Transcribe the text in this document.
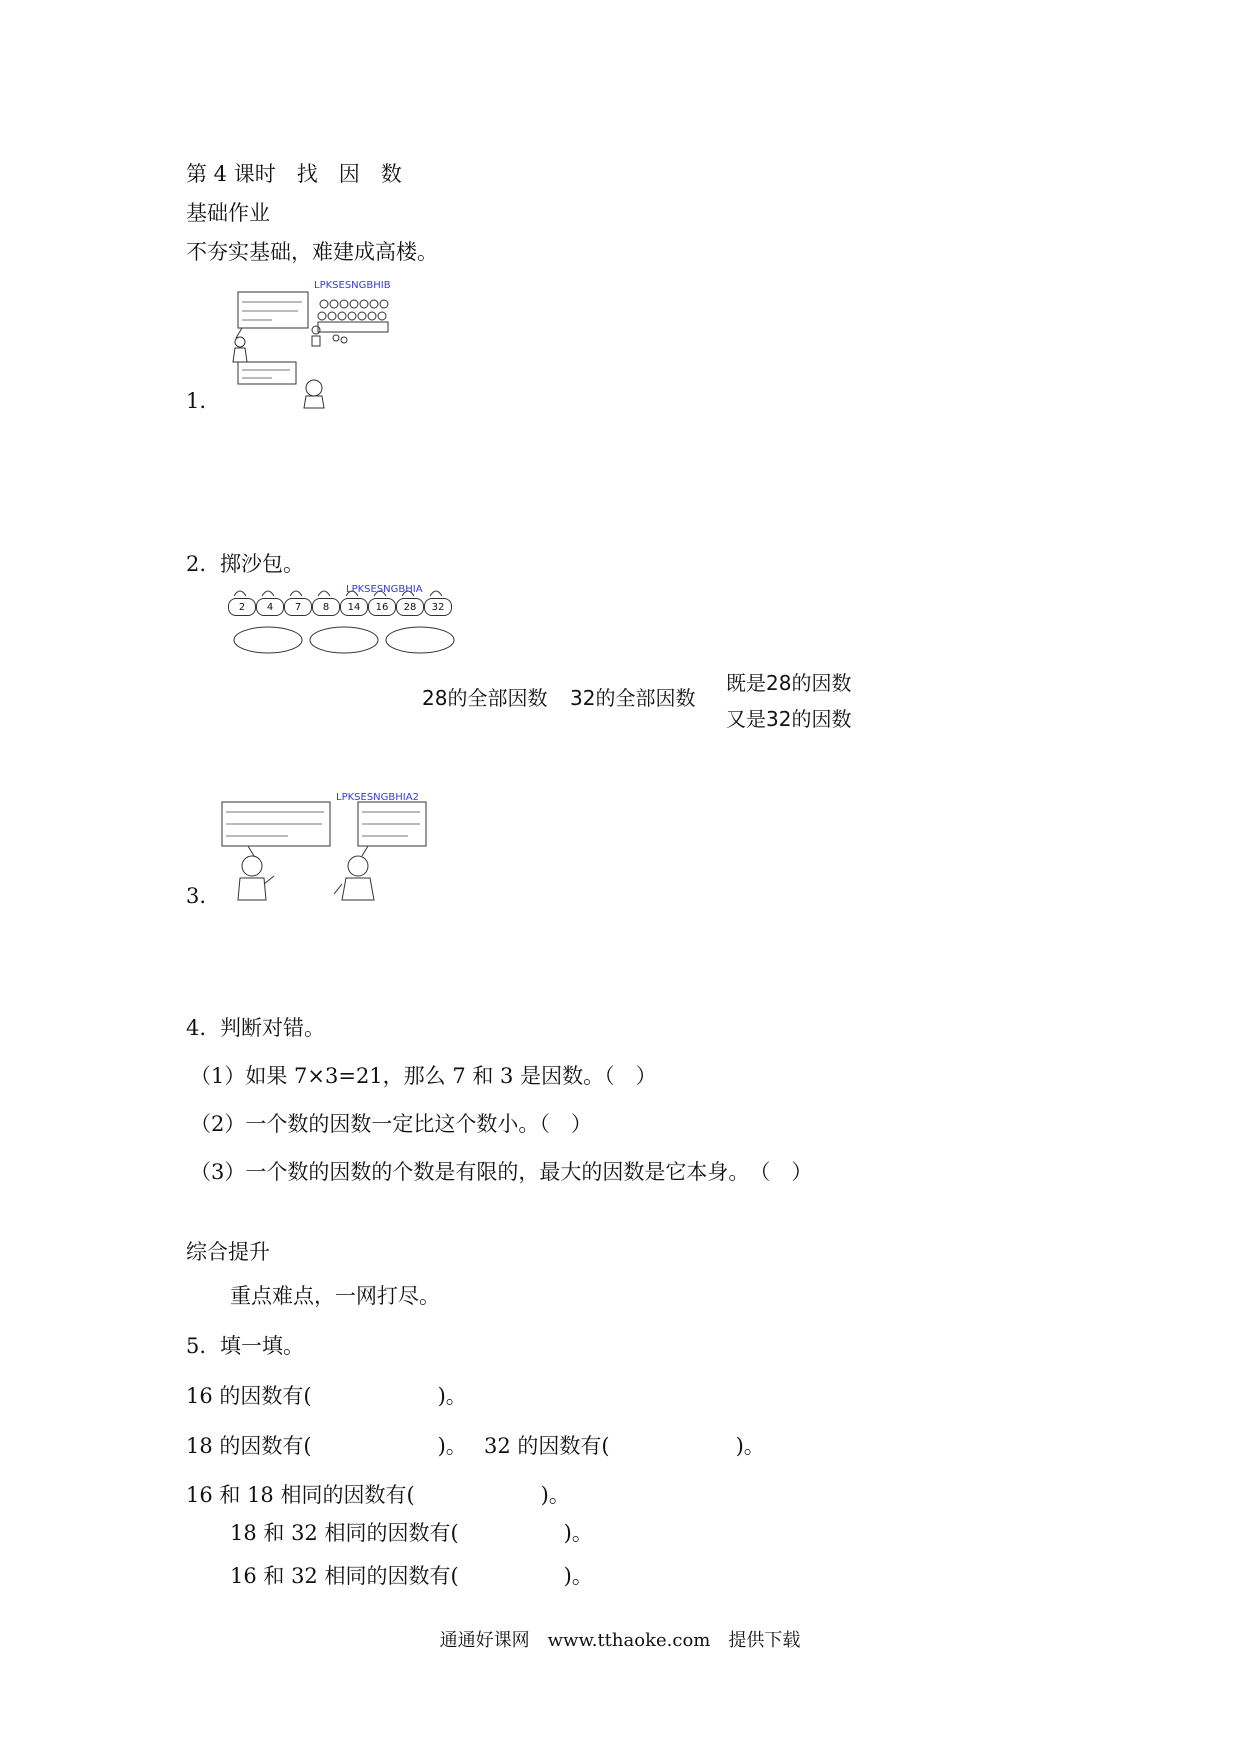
第 4 课时　找　因　数
基础作业
不夯实基础，难建成高楼。
LPKSESNGBHIB
1.
2. 掷沙包。
2	4	7	8	14	16	28	32
LPKSESNGBHIA
28的全部因数 32的全部因数
既是28的因数
又是32的因数
LPKSESNGBHIA2
3.
4. 判断对错。
（1）如果 7×3=21，那么 7 和 3 是因数。（　）
（2）一个数的因数一定比这个数小。（　）
（3）一个数的因数的个数是有限的，最大的因数是它本身。　（　）
综合提升
重点难点，一网打尽。
5. 填一填。
16 的因数有(　　　　　　)。
18 的因数有(　　　　　　)。 32 的因数有(　　　　　　)。
16 和 18 相同的因数有(　　　　　　)。
18 和 32 相同的因数有(　　　　　)。
16 和 32 相同的因数有(　　　　　)。
通通好课网　www.tthaoke.com　提供下载
